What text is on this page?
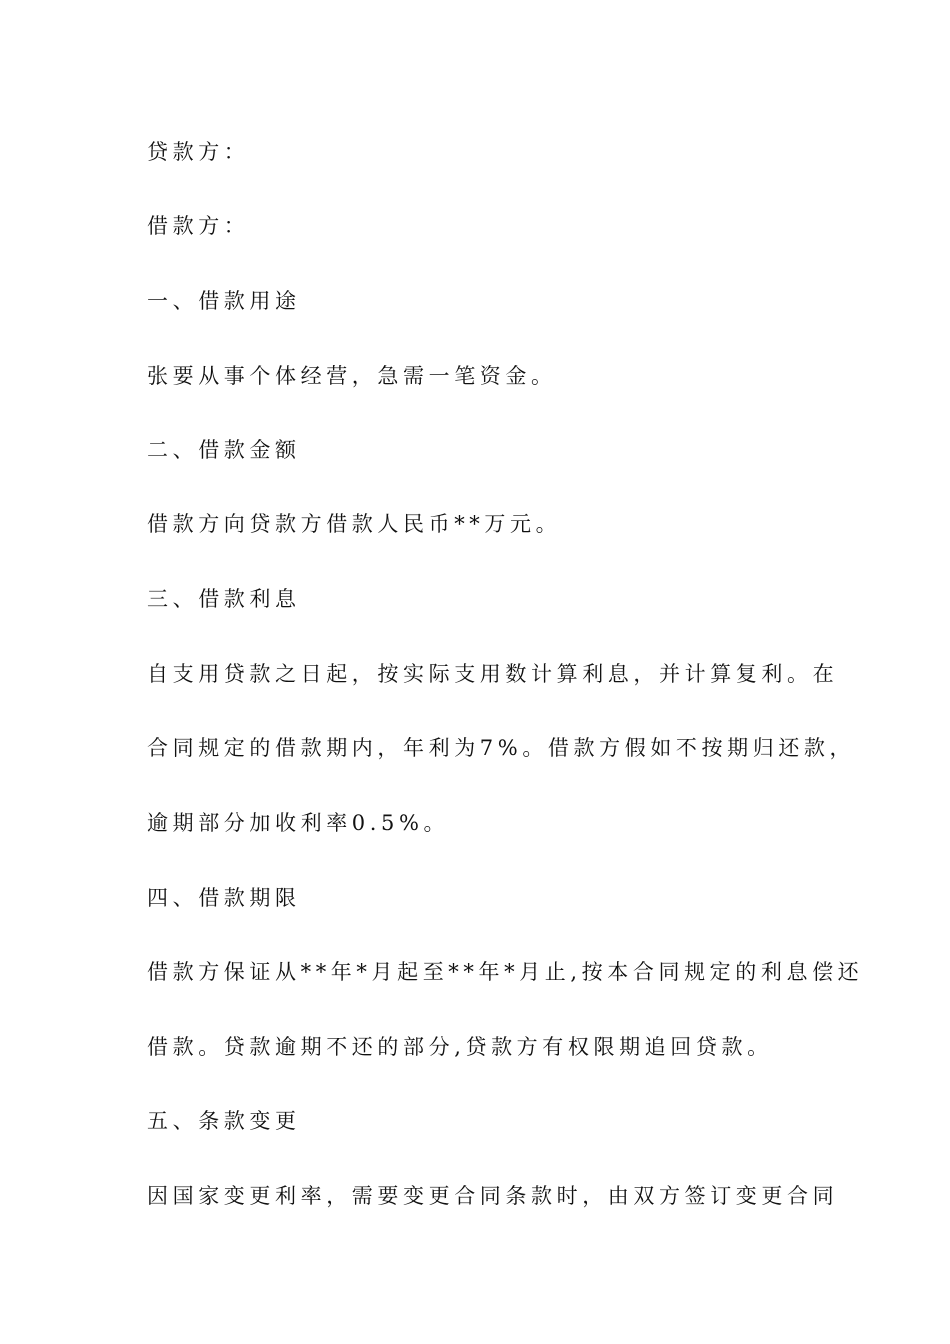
贷款方：
借款方：
一、借款用途
张要从事个体经营，急需一笔资金。
二、借款金额
借款方向贷款方借款人民币**万元。
三、借款利息
自支用贷款之日起，按实际支用数计算利息，并计算复利。在
合同规定的借款期内，年利为7%。借款方假如不按期归还款，
逾期部分加收利率0.5%。
四、借款期限
借款方保证从**年*月起至**年*月止,按本合同规定的利息偿还
借款。贷款逾期不还的部分,贷款方有权限期追回贷款。
五、条款变更
因国家变更利率，需要变更合同条款时，由双方签订变更合同
